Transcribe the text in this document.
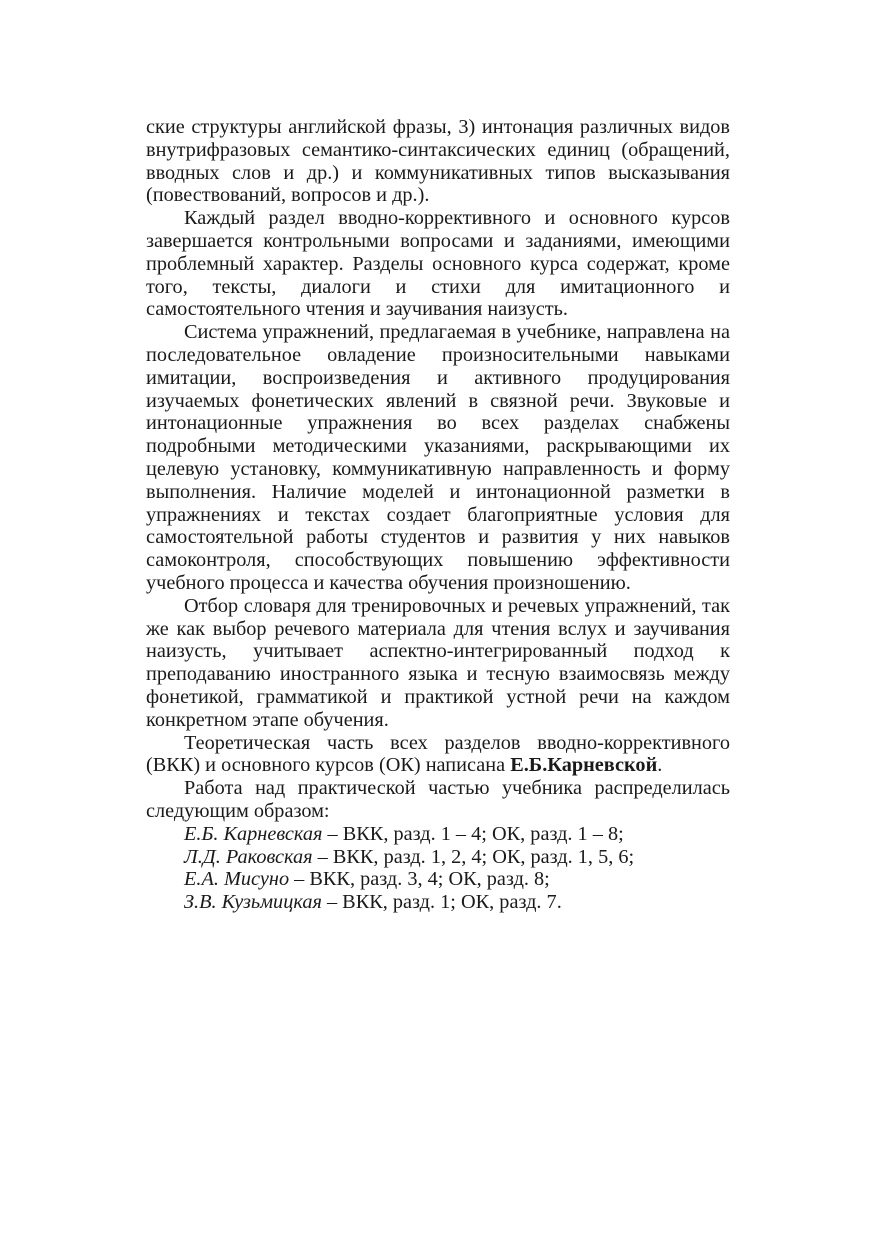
ские структуры английской фразы, 3) интонация различных видов внутрифразовых семантико-синтаксических единиц (обращений, вводных слов и др.) и коммуникативных типов высказывания (повествований, вопросов и др.).

Каждый раздел вводно-коррективного и основного курсов завершается контрольными вопросами и заданиями, имеющими проблемный характер. Разделы основного курса содержат, кроме того, тексты, диалоги и стихи для имитационного и самостоятельного чтения и заучивания наизусть.

Система упражнений, предлагаемая в учебнике, направлена на последовательное овладение произносительными навыками имитации, воспроизведения и активного продуцирования изучаемых фонетических явлений в связной речи. Звуковые и интонационные упражнения во всех разделах снабжены подробными методическими указаниями, раскрывающими их целевую установку, коммуникативную направленность и форму выполнения. Наличие моделей и интонационной разметки в упражнениях и текстах создает благоприятные условия для самостоятельной работы студентов и развития у них навыков самоконтроля, способствующих повышению эффективности учебного процесса и качества обучения произношению.

Отбор словаря для тренировочных и речевых упражнений, так же как выбор речевого материала для чтения вслух и заучивания наизусть, учитывает аспектно-интегрированный подход к преподаванию иностранного языка и тесную взаимосвязь между фонетикой, грамматикой и практикой устной речи на каждом конкретном этапе обучения.

Теоретическая часть всех разделов вводно-коррективного (ВКК) и основного курсов (ОК) написана Е.Б.Карневской.

Работа над практической частью учебника распределилась следующим образом:

Е.Б. Карневская – ВКК, разд. 1 – 4; ОК, разд. 1 – 8;

Л.Д. Раковская – ВКК, разд. 1, 2, 4; ОК, разд. 1, 5, 6;

Е.А. Мисуно – ВКК, разд. 3, 4; ОК, разд. 8;

З.В. Кузьмицкая – ВКК, разд. 1; ОК, разд. 7.
